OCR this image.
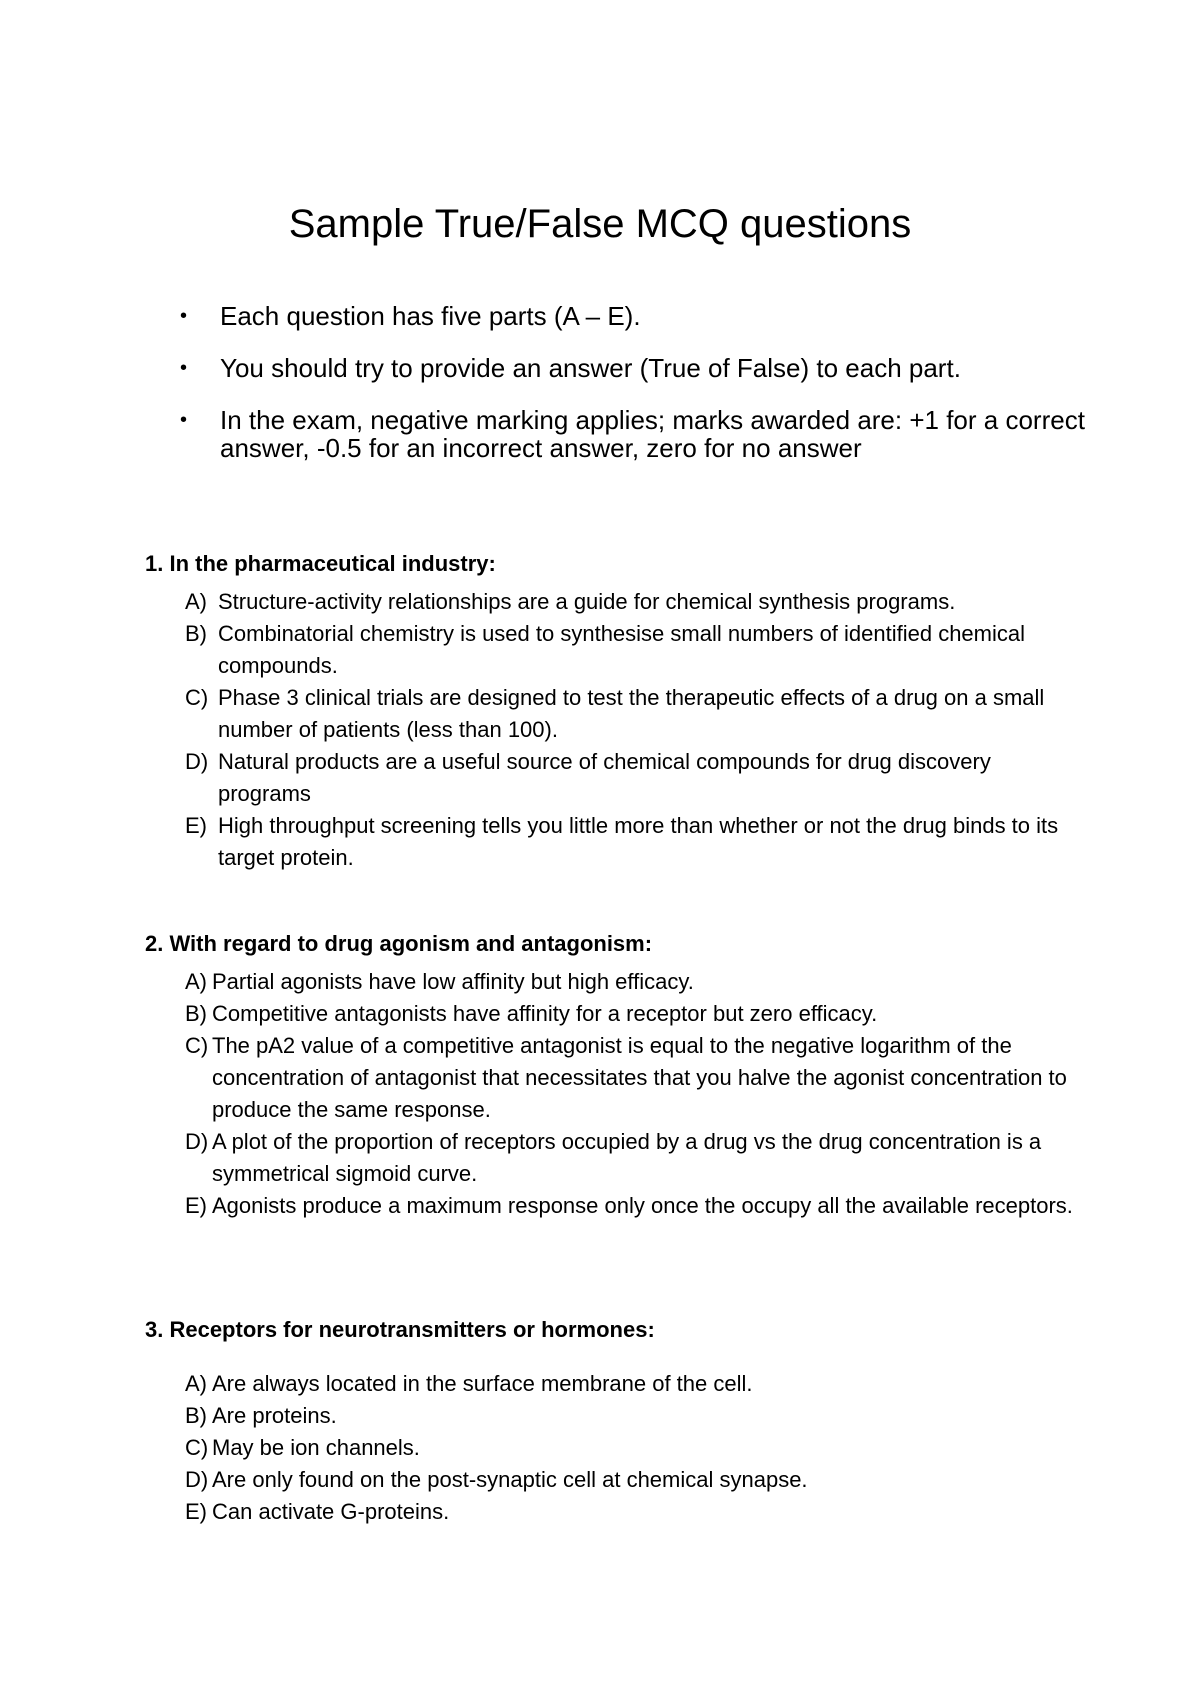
Sample True/False MCQ questions
•	Each question has five parts (A – E).
•	You should try to provide an answer (True of False) to each part.
•	In the exam, negative marking applies; marks awarded are: +1 for a correct answer, -0.5 for an incorrect answer, zero for no answer

1. In the pharmaceutical industry:

A) Structure-activity relationships are a guide for chemical synthesis programs.
B) Combinatorial chemistry is used to synthesise small numbers of identified chemical compounds.
C) Phase 3 clinical trials are designed to test the therapeutic effects of a drug on a small number of patients (less than 100).
D) Natural products are a useful source of chemical compounds for drug discovery programs
E) High throughput screening tells you little more than whether or not the drug binds to its target protein.

2. With regard to drug agonism and antagonism:

A) Partial agonists have low affinity but high efficacy.
B) Competitive antagonists have affinity for a receptor but zero efficacy.
C) The pA2 value of a competitive antagonist is equal to the negative logarithm of the concentration of antagonist that necessitates that you halve the agonist concentration to produce the same response.
D) A plot of the proportion of receptors occupied by a drug vs the drug concentration is a symmetrical sigmoid curve.
E) Agonists produce a maximum response only once the occupy all the available receptors.

3. Receptors for neurotransmitters or hormones:

A) Are always located in the surface membrane of the cell.
B) Are proteins.
C) May be ion channels.
D) Are only found on the post-synaptic cell at chemical synapse.
E) Can activate G-proteins.
